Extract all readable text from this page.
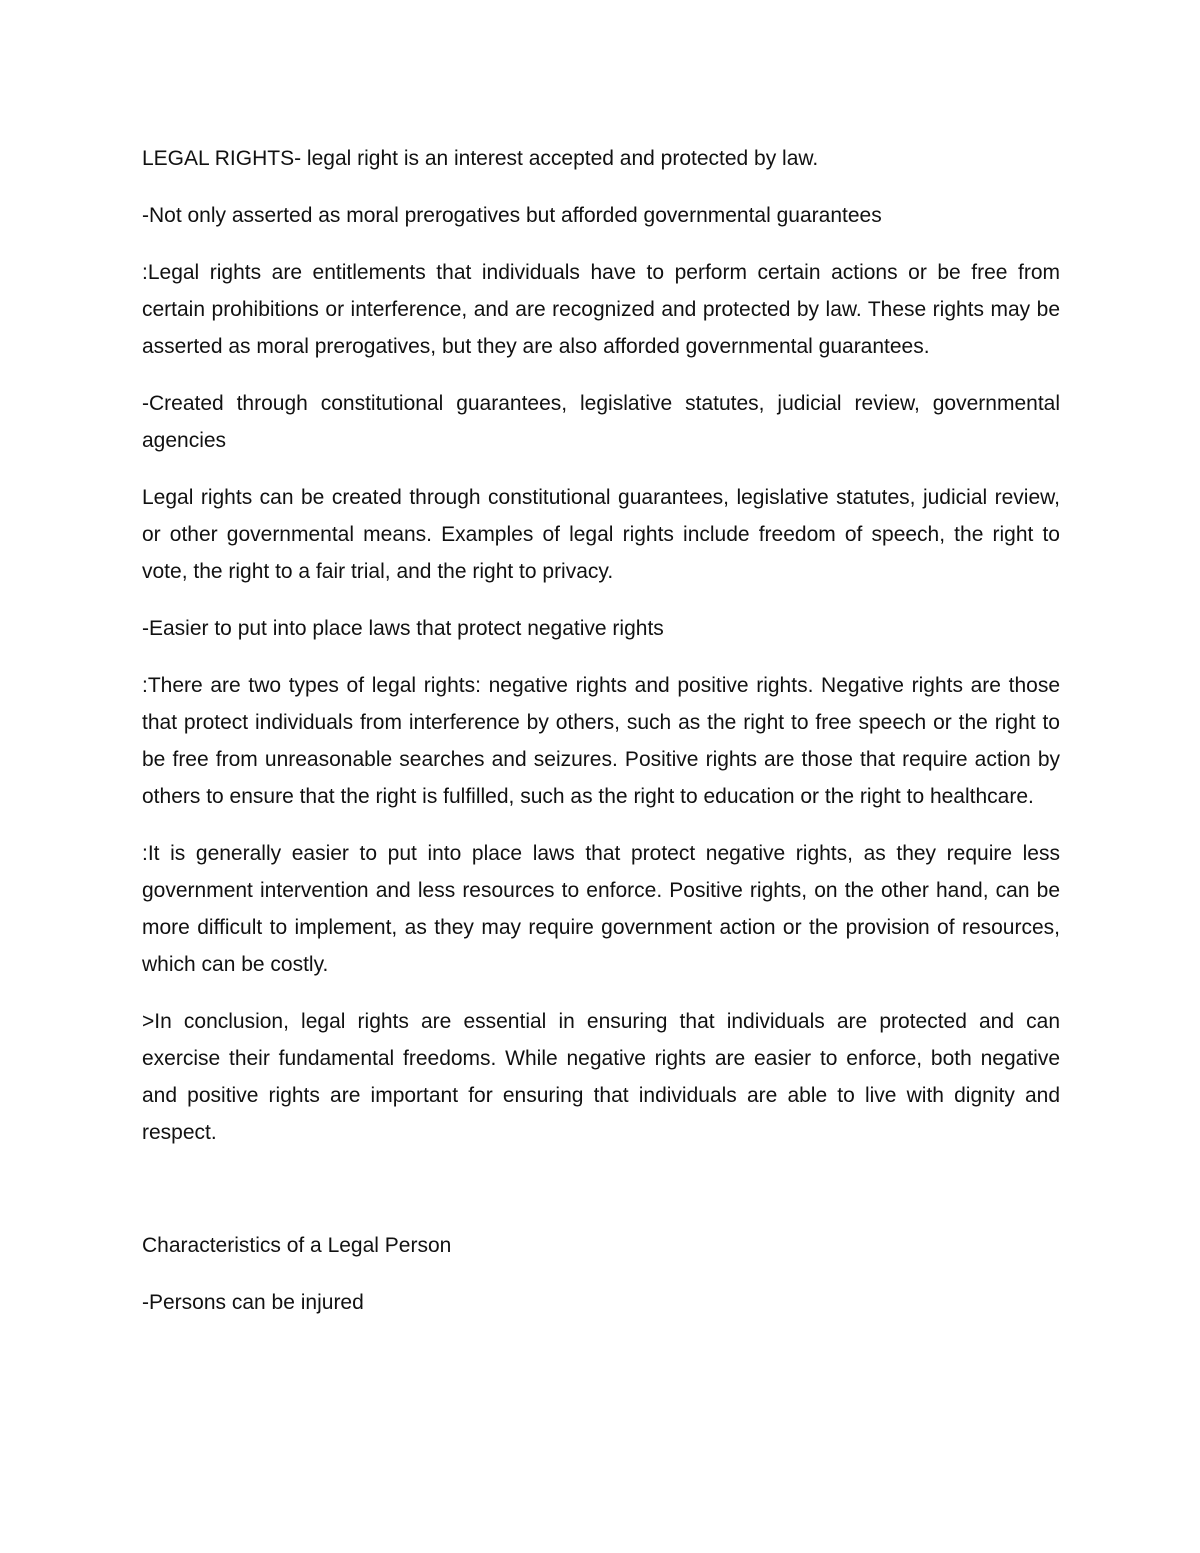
LEGAL RIGHTS- legal right is an interest accepted and protected by law.

-Not only asserted as moral prerogatives but afforded governmental guarantees

:Legal rights are entitlements that individuals have to perform certain actions or be free from certain prohibitions or interference, and are recognized and protected by law. These rights may be asserted as moral prerogatives, but they are also afforded governmental guarantees.

-Created through constitutional guarantees, legislative statutes, judicial review, governmental agencies

Legal rights can be created through constitutional guarantees, legislative statutes, judicial review, or other governmental means. Examples of legal rights include freedom of speech, the right to vote, the right to a fair trial, and the right to privacy.

-Easier to put into place laws that protect negative rights

:There are two types of legal rights: negative rights and positive rights. Negative rights are those that protect individuals from interference by others, such as the right to free speech or the right to be free from unreasonable searches and seizures. Positive rights are those that require action by others to ensure that the right is fulfilled, such as the right to education or the right to healthcare.

:It is generally easier to put into place laws that protect negative rights, as they require less government intervention and less resources to enforce. Positive rights, on the other hand, can be more difficult to implement, as they may require government action or the provision of resources, which can be costly.

>In conclusion, legal rights are essential in ensuring that individuals are protected and can exercise their fundamental freedoms. While negative rights are easier to enforce, both negative and positive rights are important for ensuring that individuals are able to live with dignity and respect.

Characteristics of a Legal Person

-Persons can be injured
